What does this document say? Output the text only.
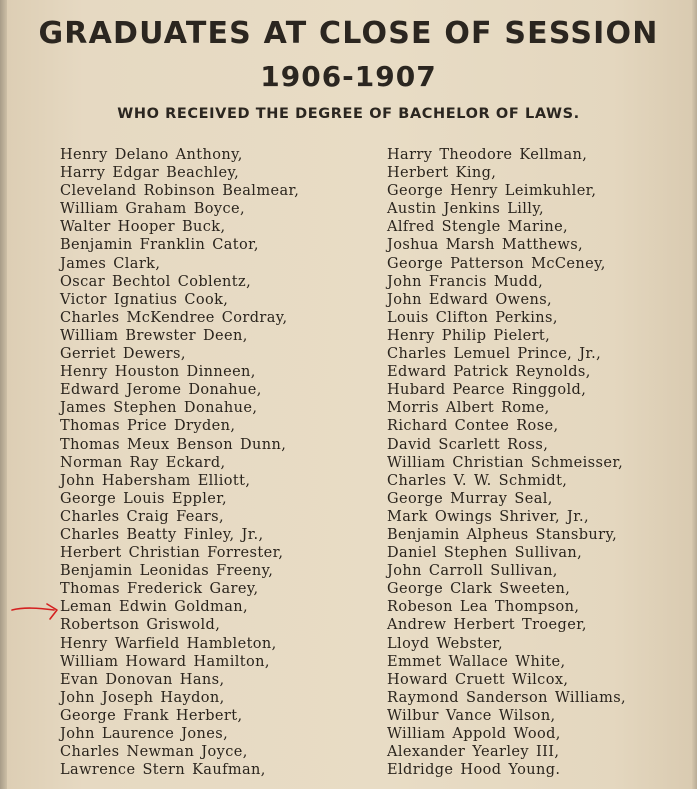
GRADUATES AT CLOSE OF SESSION
1906-1907
WHO RECEIVED THE DEGREE OF BACHELOR OF LAWS.
Henry Delano Anthony,
Harry Edgar Beachley,
Cleveland Robinson Bealmear,
William Graham Boyce,
Walter Hooper Buck,
Benjamin Franklin Cator,
James Clark,
Oscar Bechtol Coblentz,
Victor Ignatius Cook,
Charles McKendree Cordray,
William Brewster Deen,
Gerriet Dewers,
Henry Houston Dinneen,
Edward Jerome Donahue,
James Stephen Donahue,
Thomas Price Dryden,
Thomas Meux Benson Dunn,
Norman Ray Eckard,
John Habersham Elliott,
George Louis Eppler,
Charles Craig Fears,
Charles Beatty Finley, Jr.,
Herbert Christian Forrester,
Benjamin Leonidas Freeny,
Thomas Frederick Garey,
Leman Edwin Goldman,
Robertson Griswold,
Henry Warfield Hambleton,
William Howard Hamilton,
Evan Donovan Hans,
John Joseph Haydon,
George Frank Herbert,
John Laurence Jones,
Charles Newman Joyce,
Lawrence Stern Kaufman,
Harry Theodore Kellman,
Herbert King,
George Henry Leimkuhler,
Austin Jenkins Lilly,
Alfred Stengle Marine,
Joshua Marsh Matthews,
George Patterson McCeney,
John Francis Mudd,
John Edward Owens,
Louis Clifton Perkins,
Henry Philip Pielert,
Charles Lemuel Prince, Jr.,
Edward Patrick Reynolds,
Hubard Pearce Ringgold,
Morris Albert Rome,
Richard Contee Rose,
David Scarlett Ross,
William Christian Schmeisser,
Charles V. W. Schmidt,
George Murray Seal,
Mark Owings Shriver, Jr.,
Benjamin Alpheus Stansbury,
Daniel Stephen Sullivan,
John Carroll Sullivan,
George Clark Sweeten,
Robeson Lea Thompson,
Andrew Herbert Troeger,
Lloyd Webster,
Emmet Wallace White,
Howard Cruett Wilcox,
Raymond Sanderson Williams,
Wilbur Vance Wilson,
William Appold Wood,
Alexander Yearley III,
Eldridge Hood Young.
